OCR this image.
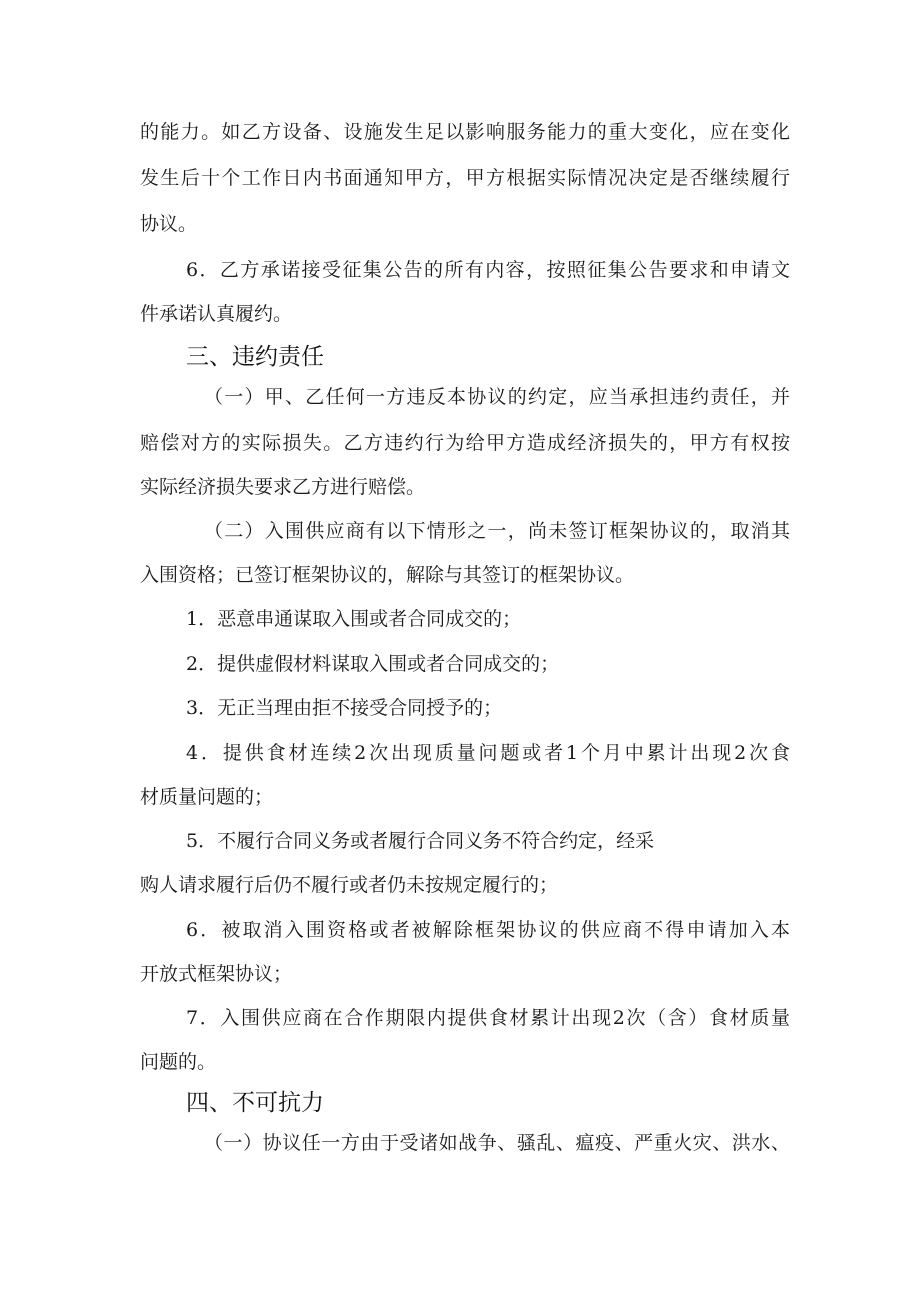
的能力。如乙方设备、设施发生足以影响服务能力的重大变化，应在变化
发生后十个工作日内书面通知甲方，甲方根据实际情况决定是否继续履行
协议。
6．乙方承诺接受征集公告的所有内容，按照征集公告要求和申请文
件承诺认真履约。
三、违约责任
（一）甲、乙任何一方违反本协议的约定，应当承担违约责任，并
赔偿对方的实际损失。乙方违约行为给甲方造成经济损失的，甲方有权按
实际经济损失要求乙方进行赔偿。
（二）入围供应商有以下情形之一，尚未签订框架协议的，取消其
入围资格；已签订框架协议的，解除与其签订的框架协议。
1．恶意串通谋取入围或者合同成交的；
2．提供虚假材料谋取入围或者合同成交的；
3．无正当理由拒不接受合同授予的；
4．提供食材连续2次出现质量问题或者1个月中累计出现2次食
材质量问题的；
5．不履行合同义务或者履行合同义务不符合约定，经采
购人请求履行后仍不履行或者仍未按规定履行的；
6．被取消入围资格或者被解除框架协议的供应商不得申请加入本
开放式框架协议；
7．入围供应商在合作期限内提供食材累计出现2次（含）食材质量
问题的。
四、不可抗力
（一）协议任一方由于受诸如战争、骚乱、瘟疫、严重火灾、洪水、
